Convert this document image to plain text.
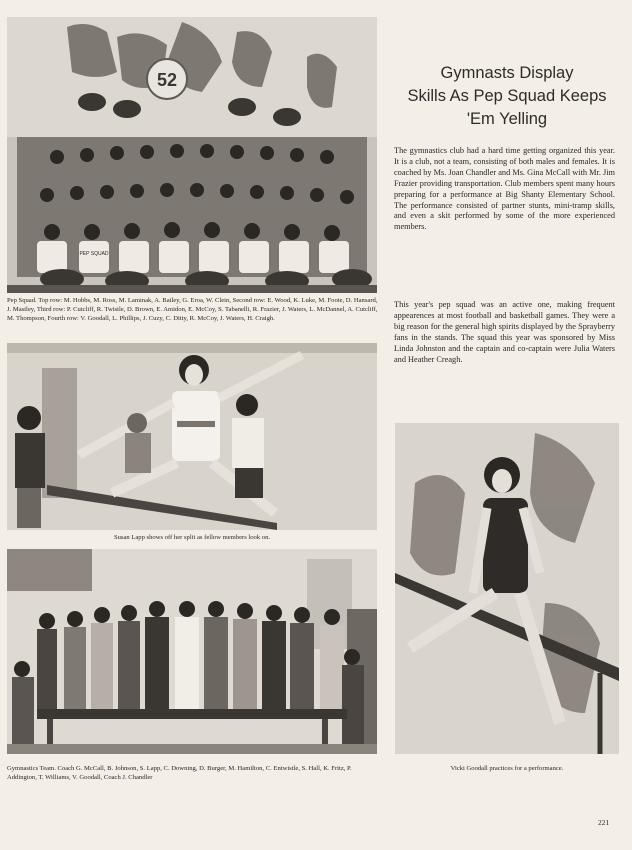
52
PEP SQUAD
Pep Squad. Top row: M. Hobbs, M. Ross, M. Laminak, A. Bailey, G. Eroa, W. Clein, Second row: E. Wood, K. Luke, M. Foote, D. Hansard, J. Mastley, Third row: P. Cutcliff, R. Twistle, D. Brown, E. Amidon, E. McCoy, S. Tabanelli, R. Frazier, J. Waters, L. McDannel, A. Cutcliff, M. Thompson, Fourth row: V. Goodall, L. Phillips, J. Cuzy, C. Ditty, R. McCoy, J. Waters, H. Craigh.
Susan Lapp shows off her split as fellow members look on.
Gymnastics Team. Coach G. McCall, B. Johnson, S. Lapp, C. Downing, D. Burger, M. Hamilton, C. Entwistle, S. Hall, K. Fritz, P. Addington, T. Williams, V. Goodall, Coach J. Chandler
Gymnasts Display
Skills As Pep Squad Keeps
'Em Yelling

The gymnastics club had a hard time getting organized this year. It is a club, not a team, consisting of both males and females. It is coached by Ms. Joan Chandler and Ms. Gina McCall with Mr. Jim Frazier providing transportation. Club members spent many hours preparing for a performance at Big Shanty Elementary School. The performance consisted of partner stunts, mini-tramp skills, and even a skit performed by some of the more experienced members.

This year's pep squad was an active one, making frequent appearences at most football and basketball games. They were a big reason for the general high spirits displayed by the Sprayberry fans in the stands. The squad this year was sponsored by Miss Linda Johnston and the captain and co-captain were Julia Waters and Heather Creagh.

Vicki Goodall practices for a performance.
221
